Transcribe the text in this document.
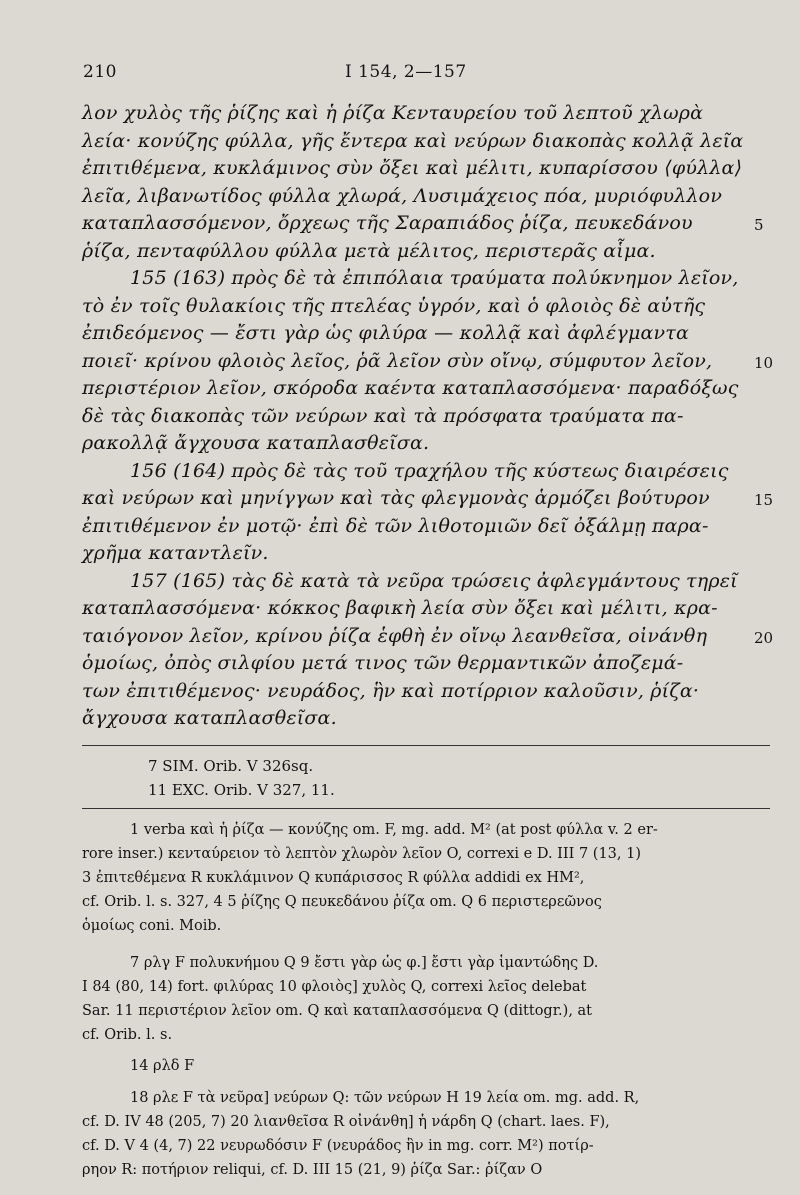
210	I 154, 2—157
λον χυλὸς τῆς ῥίζης καὶ ἡ ῥίζα Κενταυρείου τοῦ λεπτοῦ χλωρὰ
λεία· κονύζης φύλλα, γῆς ἔντερα καὶ νεύρων διακοπὰς κολλᾷ λεῖα
ἐπιτιθέμενα, κυκλάμινος σὺν ὄξει καὶ μέλιτι, κυπαρίσσου ⟨φύλλα⟩
λεῖα, λιβανωτίδος φύλλα χλωρά, Λυσιμάχειος πόα, μυριόφυλλον
καταπλασσόμενον, ὄρχεως τῆς Σαραπιάδος ῥίζα, πευκεδάνου
ῥίζα, πενταφύλλου φύλλα μετὰ μέλιτος, περιστερᾶς αἷμα.
155 (163) πρὸς δὲ τὰ ἐπιπόλαια τραύματα πολύκνημον λεῖον,
τὸ ἐν τοῖς θυλακίοις τῆς πτελέας ὑγρόν, καὶ ὁ φλοιὸς δὲ αὐτῆς
ἐπιδεόμενος — ἔστι γὰρ ὡς φιλύρα — κολλᾷ καὶ ἀφλέγμαντα
ποιεῖ· κρίνου φλοιὸς λεῖος, ῥᾶ λεῖον σὺν οἴνῳ, σύμφυτον λεῖον,
περιστέριον λεῖον, σκόροδα καέντα καταπλασσόμενα· παραδόξως
δὲ τὰς διακοπὰς τῶν νεύρων καὶ τὰ πρόσφατα τραύματα πα-
ρακολλᾷ ἄγχουσα καταπλασθεῖσα.
156 (164) πρὸς δὲ τὰς τοῦ τραχήλου τῆς κύστεως διαιρέσεις
καὶ νεύρων καὶ μηνίγγων καὶ τὰς φλεγμονὰς ἁρμόζει βούτυρον
ἐπιτιθέμενον ἐν μοτῷ· ἐπὶ δὲ τῶν λιθοτομιῶν δεῖ ὀξάλμῃ παρα-
χρῆμα καταντλεῖν.
157 (165) τὰς δὲ κατὰ τὰ νεῦρα τρώσεις ἀφλεγμάντους τηρεῖ
καταπλασσόμενα· κόκκος βαφικὴ λεία σὺν ὄξει καὶ μέλιτι, κρα-
ταιόγονον λεῖον, κρίνου ῥίζα ἑφθὴ ἐν οἴνῳ λεανθεῖσα, οἰνάνθη
ὁμοίως, ὀπὸς σιλφίου μετά τινος τῶν θερμαντικῶν ἀποζεμά-
των ἐπιτιθέμενος· νευράδος, ἣν καὶ ποτίρριον καλοῦσιν, ῥίζα·
ἄγχουσα καταπλασθεῖσα.
5
10
15
20
7 SIM. Orib. V 326sq.
11 EXC. Orib. V 327, 11.
1 verba καὶ ἡ ῥίζα — κονύζης om. F, mg. add. M² (at post φύλλα v. 2 er-
rore inser.) κενταύρειον τὸ λεπτὸν χλωρὸν λεῖον O, correxi e D. III 7 (13, 1)
3 ἐπιτεθέμενα R κυκλάμινον Q κυπάρισσος R φύλλα addidi ex HM²,
cf. Orib. l. s. 327, 4 5 ῥίζης Q πευκεδάνου ῥίζα om. Q 6 περιστερεῶνος
ὁμοίως coni. Moib.
7 ρλγ F πολυκνήμου Q 9 ἔστι γὰρ ὡς φ.] ἔστι γὰρ ἱμαντώδης D.
I 84 (80, 14) fort. φιλύρας 10 φλοιὸς] χυλὸς Q, correxi λεῖος delebat
Sar. 11 περιστέριον λεῖον om. Q καὶ καταπλασσόμενα Q (dittogr.), at
cf. Orib. l. s.
14 ρλδ F
18 ρλε F τὰ νεῦρα] νεύρων Q: τῶν νεύρων H 19 λεία om. mg. add. R,
cf. D. IV 48 (205, 7) 20 λιανθεῖσα R οἰνάνθη] ἡ νάρδη Q (chart. laes. F),
cf. D. V 4 (4, 7) 22 νευρωδόσιν F (νευράδος ἣν in mg. corr. M²) ποτίρ-
ρηον R: ποτήριον reliqui, cf. D. III 15 (21, 9) ῥίζα Sar.: ῥίζαν O
